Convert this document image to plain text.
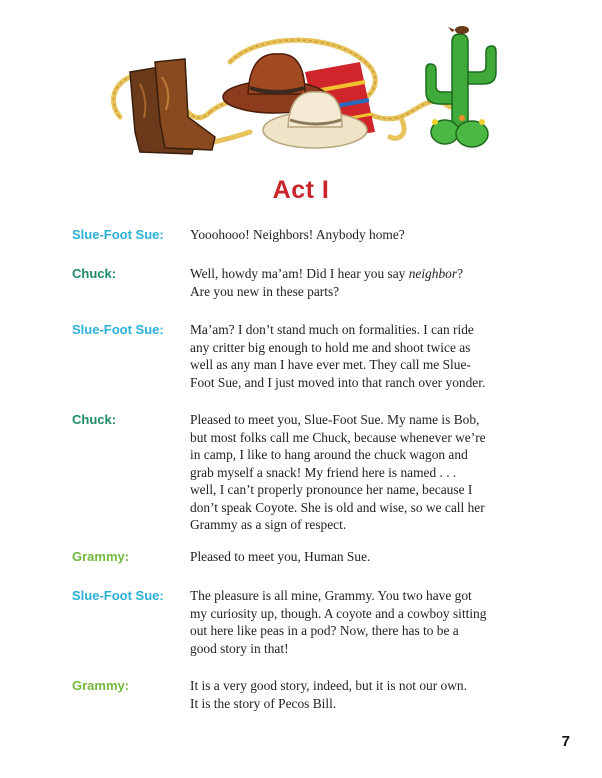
Act I
Slue-Foot Sue: Yooohooo! Neighbors! Anybody home?
Chuck:	Well, howdy ma’am! Did I hear you say neighbor?
Are you new in these parts?
Slue-Foot Sue: Ma’am? I don’t stand much on formalities. I can ride
any critter big enough to hold me and shoot twice as
well as any man I have ever met. They call me Slue-
Foot Sue, and I just moved into that ranch over yonder.
Chuck:	Pleased to meet you, Slue-Foot Sue. My name is Bob,
but most folks call me Chuck, because whenever we’re
in camp, I like to hang around the chuck wagon and
grab myself a snack! My friend here is named . . .
well, I can’t properly pronounce her name, because I
don’t speak Coyote. She is old and wise, so we call her
Grammy as a sign of respect.
Grammy:	Pleased to meet you, Human Sue.
Slue-Foot Sue: The pleasure is all mine, Grammy. You two have got
my curiosity up, though. A coyote and a cowboy sitting
out here like peas in a pod? Now, there has to be a
good story in that!
Grammy:	It is a very good story, indeed, but it is not our own.
It is the story of Pecos Bill.
7
